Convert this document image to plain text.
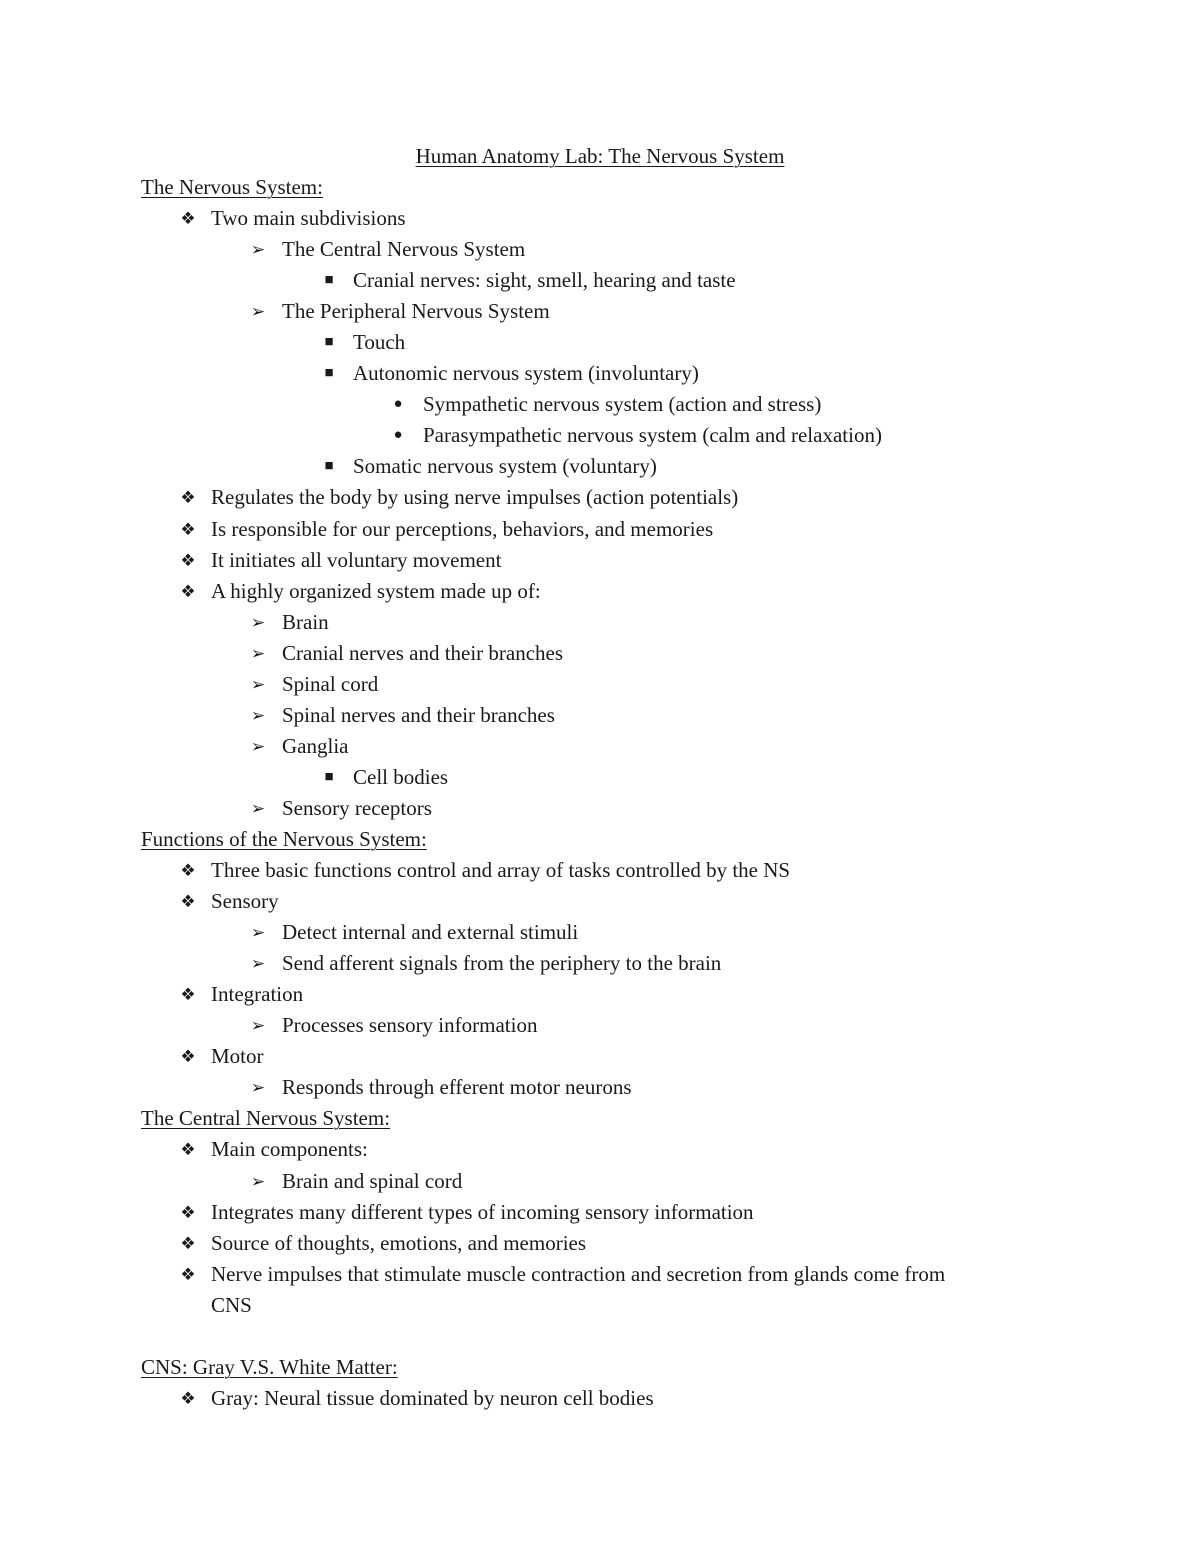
Human Anatomy Lab: The Nervous System
The Nervous System:
❖ Two main subdivisions
➢ The Central Nervous System
■ Cranial nerves: sight, smell, hearing and taste
➢ The Peripheral Nervous System
■ Touch
■ Autonomic nervous system (involuntary)
● Sympathetic nervous system (action and stress)
● Parasympathetic nervous system (calm and relaxation)
■ Somatic nervous system (voluntary)
❖ Regulates the body by using nerve impulses (action potentials)
❖ Is responsible for our perceptions, behaviors, and memories
❖ It initiates all voluntary movement
❖ A highly organized system made up of:
➢ Brain
➢ Cranial nerves and their branches
➢ Spinal cord
➢ Spinal nerves and their branches
➢ Ganglia
■ Cell bodies
➢ Sensory receptors
Functions of the Nervous System:
❖ Three basic functions control and array of tasks controlled by the NS
❖ Sensory
➢ Detect internal and external stimuli
➢ Send afferent signals from the periphery to the brain
❖ Integration
➢ Processes sensory information
❖ Motor
➢ Responds through efferent motor neurons
The Central Nervous System:
❖ Main components:
➢ Brain and spinal cord
❖ Integrates many different types of incoming sensory information
❖ Source of thoughts, emotions, and memories
❖ Nerve impulses that stimulate muscle contraction and secretion from glands come from
CNS
CNS: Gray V.S. White Matter:
❖ Gray: Neural tissue dominated by neuron cell bodies
